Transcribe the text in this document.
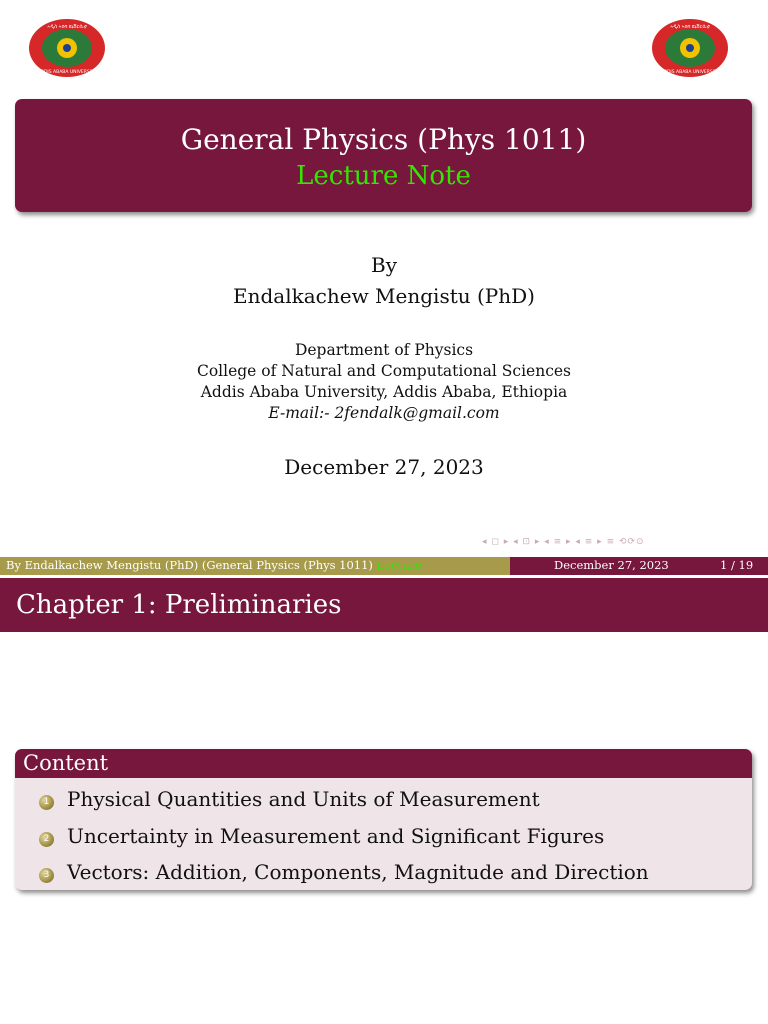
ኣዲስ ኣበባ ዩኒቨርሲቲ
ADDIS ABABA UNIVERSITY
ኣዲስ ኣበባ ዩኒቨርሲቲ
ADDIS ABABA UNIVERSITY
General Physics (Phys 1011)
Lecture Note
By
Endalkachew Mengistu (PhD)
Department of Physics
College of Natural and Computational Sciences
Addis Ababa University, Addis Ababa, Ethiopia
E-mail:- 2fendalk@gmail.com
December 27, 2023
◂ ◻ ▸ ◂ ⊡ ▸ ◂ ≡ ▸ ◂ ≡ ▸ ≡ ⟲⟳⊙
By Endalkachew Mengistu (PhD) (General Physics (Phys 1011) Lecture	December 27, 2023	1 / 19
Chapter 1: Preliminaries
Content
1 Physical Quantities and Units of Measurement
2 Uncertainty in Measurement and Significant Figures
3 Vectors: Addition, Components, Magnitude and Direction
